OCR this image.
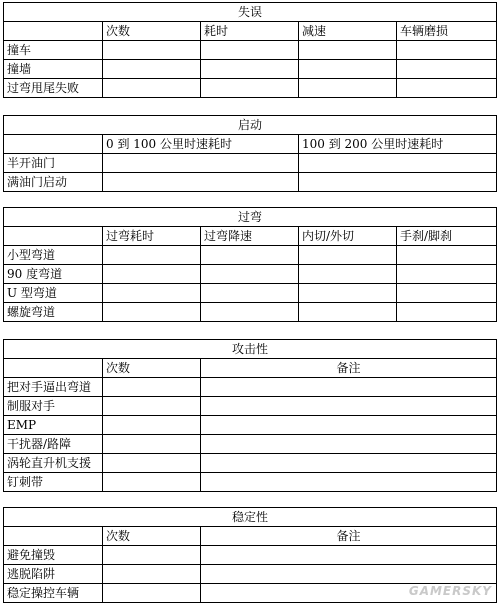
失误				
	次数	耗时	减速	车辆磨损
撞车				
撞墙				
过弯甩尾失败				
启动		
	0 到 100 公里时速耗时	100 到 200 公里时速耗时
半开油门		
满油门启动		
过弯				
	过弯耗时	过弯降速	内切/外切	手刹/脚刹
小型弯道				
90 度弯道				
U 型弯道				
螺旋弯道				
攻击性		
	次数	备注
把对手逼出弯道		
制服对手		
EMP		
干扰器/路障		
涡轮直升机支援		
钉刺带		
稳定性		
	次数	备注
避免撞毁		
逃脱陷阱		
稳定操控车辆			GAMERSKY
